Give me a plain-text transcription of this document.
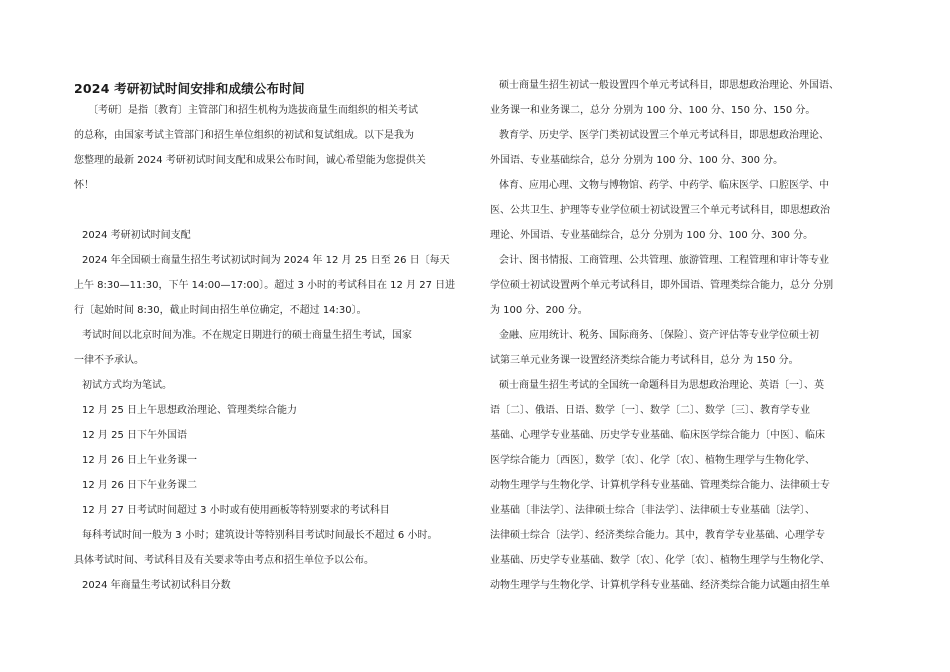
2024 考研初试时间安排和成绩公布时间
〔考研〕是指〔教育〕主管部门和招生机构为选拔商量生而组织的相关考试
的总称，由国家考试主管部门和招生单位组织的初试和复试组成。以下是我为
您整理的最新 2024 考研初试时间支配和成果公布时间，诚心希望能为您提供关
怀！
2024 考研初试时间支配
2024 年全国硕士商量生招生考试初试时间为 2024 年 12 月 25 日至 26 日〔每天
上午 8:30—11:30，下午 14:00—17:00〕。超过 3 小时的考试科目在 12 月 27 日进
行〔起始时间 8:30，截止时间由招生单位确定，不超过 14:30〕。
考试时间以北京时间为准。不在规定日期进行的硕士商量生招生考试，国家
一律不予承认。
初试方式均为笔试。
12 月 25 日上午思想政治理论、管理类综合能力
12 月 25 日下午外国语
12 月 26 日上午业务课一
12 月 26 日下午业务课二
12 月 27 日考试时间超过 3 小时或有使用画板等特别要求的考试科目
每科考试时间一般为 3 小时；建筑设计等特别科目考试时间最长不超过 6 小时。
具体考试时间、考试科目及有关要求等由考点和招生单位予以公布。
2024 年商量生考试初试科目分数
硕士商量生招生初试一般设置四个单元考试科目，即思想政治理论、外国语、
业务课一和业务课二，总分 分别为 100 分、100 分、150 分、150 分。
教育学、历史学、医学门类初试设置三个单元考试科目，即思想政治理论、
外国语、专业基础综合，总分 分别为 100 分、100 分、300 分。
体育、应用心理、文物与博物馆、药学、中药学、临床医学、口腔医学、中
医、公共卫生、护理等专业学位硕士初试设置三个单元考试科目，即思想政治
理论、外国语、专业基础综合，总分 分别为 100 分、100 分、300 分。
会计、图书情报、工商管理、公共管理、旅游管理、工程管理和审计等专业
学位硕士初试设置两个单元考试科目，即外国语、管理类综合能力，总分 分别
为 100 分、200 分。
金融、应用统计、税务、国际商务、〔保险〕、资产评估等专业学位硕士初
试第三单元业务课一设置经济类综合能力考试科目，总分 为 150 分。
硕士商量生招生考试的全国统一命题科目为思想政治理论、英语〔一〕、英
语〔二〕、俄语、日语、数学〔一〕、数学〔二〕、数学〔三〕、教育学专业
基础、心理学专业基础、历史学专业基础、临床医学综合能力〔中医〕、临床
医学综合能力〔西医〕，数学〔农〕、化学〔农〕、植物生理学与生物化学、
动物生理学与生物化学、计算机学科专业基础、管理类综合能力、法律硕士专
业基础〔非法学〕、法律硕士综合〔非法学〕、法律硕士专业基础〔法学〕、
法律硕士综合〔法学〕、经济类综合能力。其中，教育学专业基础、心理学专
业基础、历史学专业基础、数学〔农〕、化学〔农〕、植物生理学与生物化学、
动物生理学与生物化学、计算机学科专业基础、经济类综合能力试题由招生单
